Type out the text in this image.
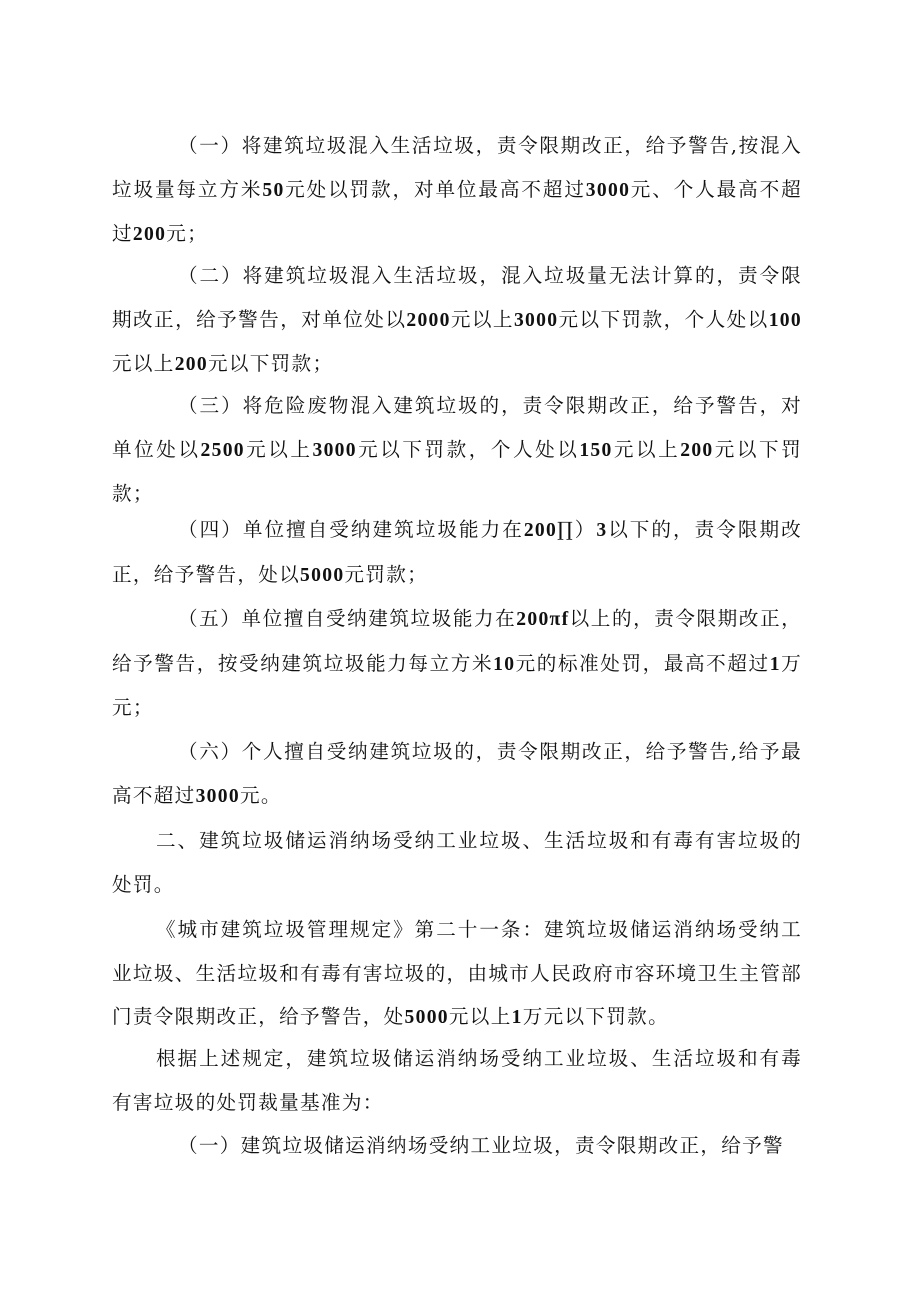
（一）将建筑垃圾混入生活垃圾，责令限期改正，给予警告,按混入垃圾量每立方米50元处以罚款，对单位最高不超过3000元、个人最高不超过200元；

（二）将建筑垃圾混入生活垃圾，混入垃圾量无法计算的，责令限期改正，给予警告，对单位处以2000元以上3000元以下罚款，个人处以100元以上200元以下罚款；

（三）将危险废物混入建筑垃圾的，责令限期改正，给予警告，对单位处以2500元以上3000元以下罚款，个人处以150元以上200元以下罚款；

（四）单位擅自受纳建筑垃圾能力在200∏）3以下的，责令限期改正，给予警告，处以5000元罚款；

（五）单位擅自受纳建筑垃圾能力在200πf以上的，责令限期改正，给予警告，按受纳建筑垃圾能力每立方米10元的标准处罚，最高不超过1万元；

（六）个人擅自受纳建筑垃圾的，责令限期改正，给予警告,给予最高不超过3000元。

二、建筑垃圾储运消纳场受纳工业垃圾、生活垃圾和有毒有害垃圾的处罚。

《城市建筑垃圾管理规定》第二十一条：建筑垃圾储运消纳场受纳工业垃圾、生活垃圾和有毒有害垃圾的，由城市人民政府市容环境卫生主管部门责令限期改正，给予警告，处5000元以上1万元以下罚款。

根据上述规定，建筑垃圾储运消纳场受纳工业垃圾、生活垃圾和有毒有害垃圾的处罚裁量基准为：

（一）建筑垃圾储运消纳场受纳工业垃圾，责令限期改正，给予警
